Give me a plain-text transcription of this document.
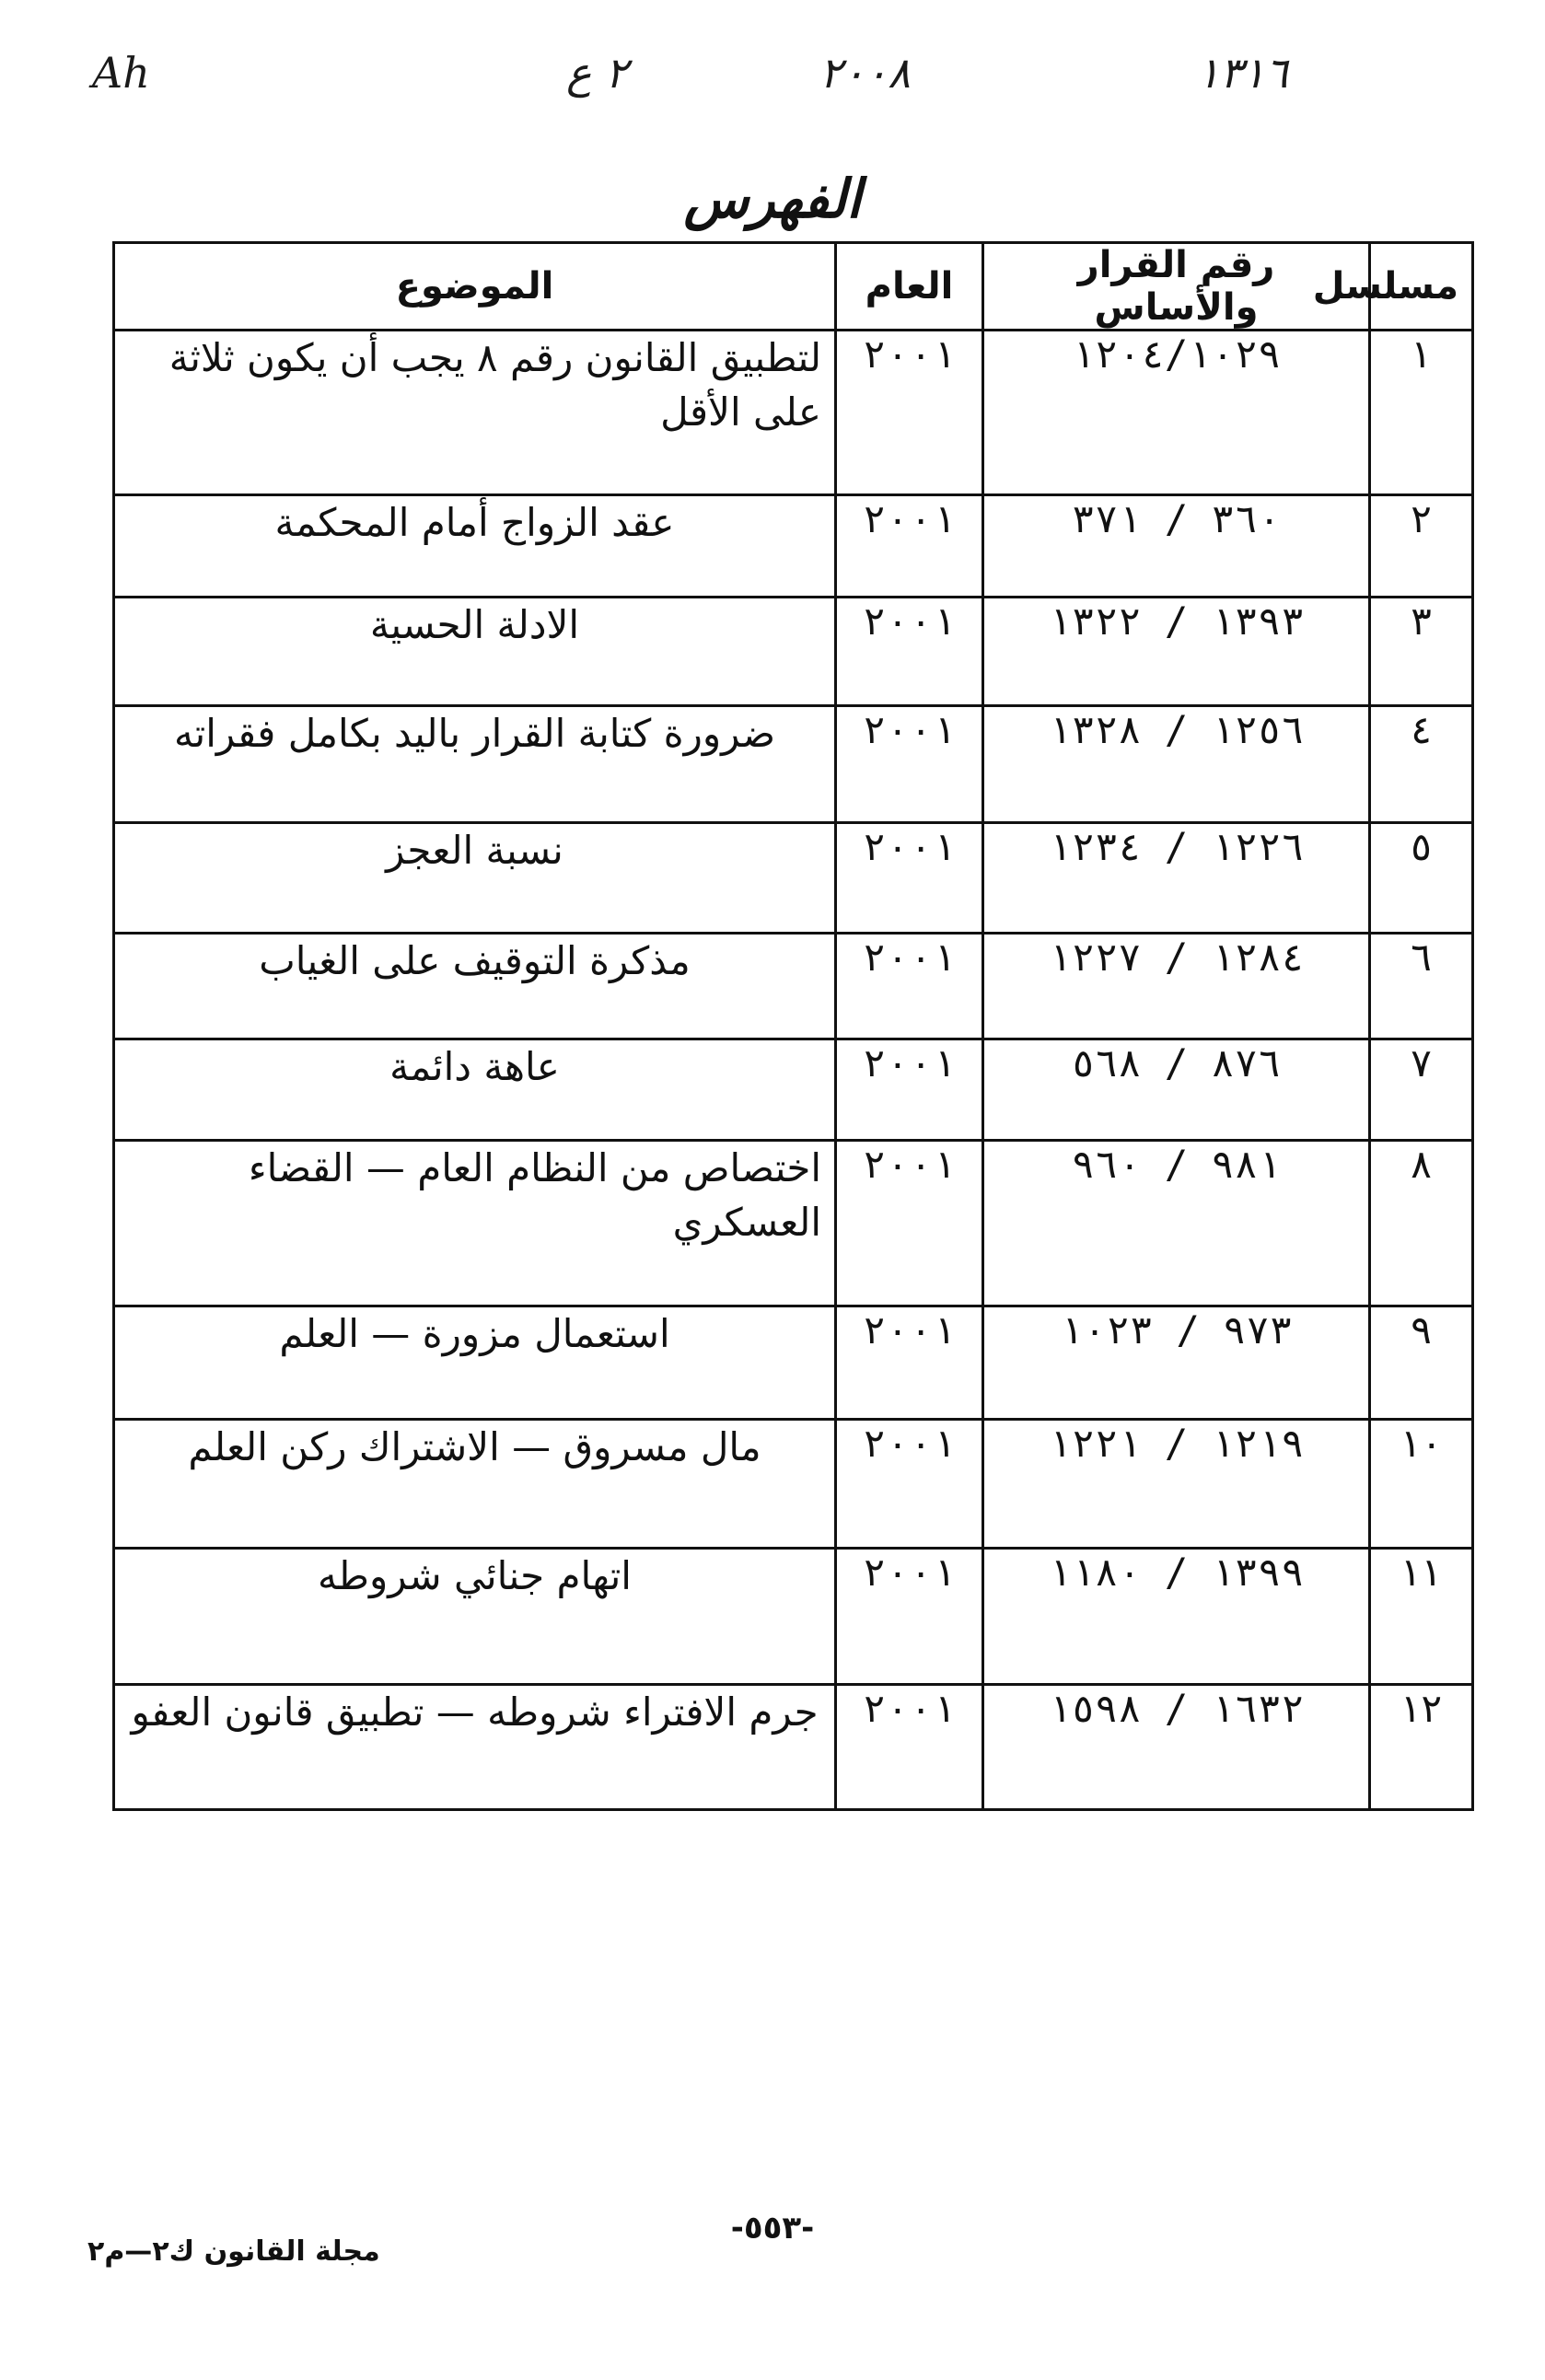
Ah	٢ ع	٢٠٠٨	١٣١٦
الفهرس
مسلسل	رقم القرار والأساس	العام	الموضوع
١	١٢٠٤/١٠٢٩	٢٠٠١	لتطبيق القانون رقم ٨ يجب أن يكون ثلاثة على الأقل
٢	٣٦٠ / ٣٧١	٢٠٠١	عقد الزواج أمام المحكمة
٣	١٣٩٣ / ١٣٢٢	٢٠٠١	الادلة الحسية
٤	١٢٥٦ / ١٣٢٨	٢٠٠١	ضرورة كتابة القرار باليد بكامل فقراته
٥	١٢٢٦ / ١٢٣٤	٢٠٠١	نسبة العجز
٦	١٢٨٤ / ١٢٢٧	٢٠٠١	مذكرة التوقيف على الغياب
٧	٨٧٦ / ٥٦٨	٢٠٠١	عاهة دائمة
٨	٩٨١ / ٩٦٠	٢٠٠١	اختصاص من النظام العام — القضاء العسكري
٩	٩٧٣ / ١٠٢٣	٢٠٠١	استعمال مزورة — العلم
١٠	١٢١٩ / ١٢٢١	٢٠٠١	مال مسروق — الاشتراك ركن العلم
١١	١٣٩٩ / ١١٨٠	٢٠٠١	اتهام جنائي شروطه
١٢	١٦٣٢ / ١٥٩٨	٢٠٠١	جرم الافتراء شروطه — تطبيق قانون العفو
-٥٥٣-
مجلة القانون ك٢—م٢
